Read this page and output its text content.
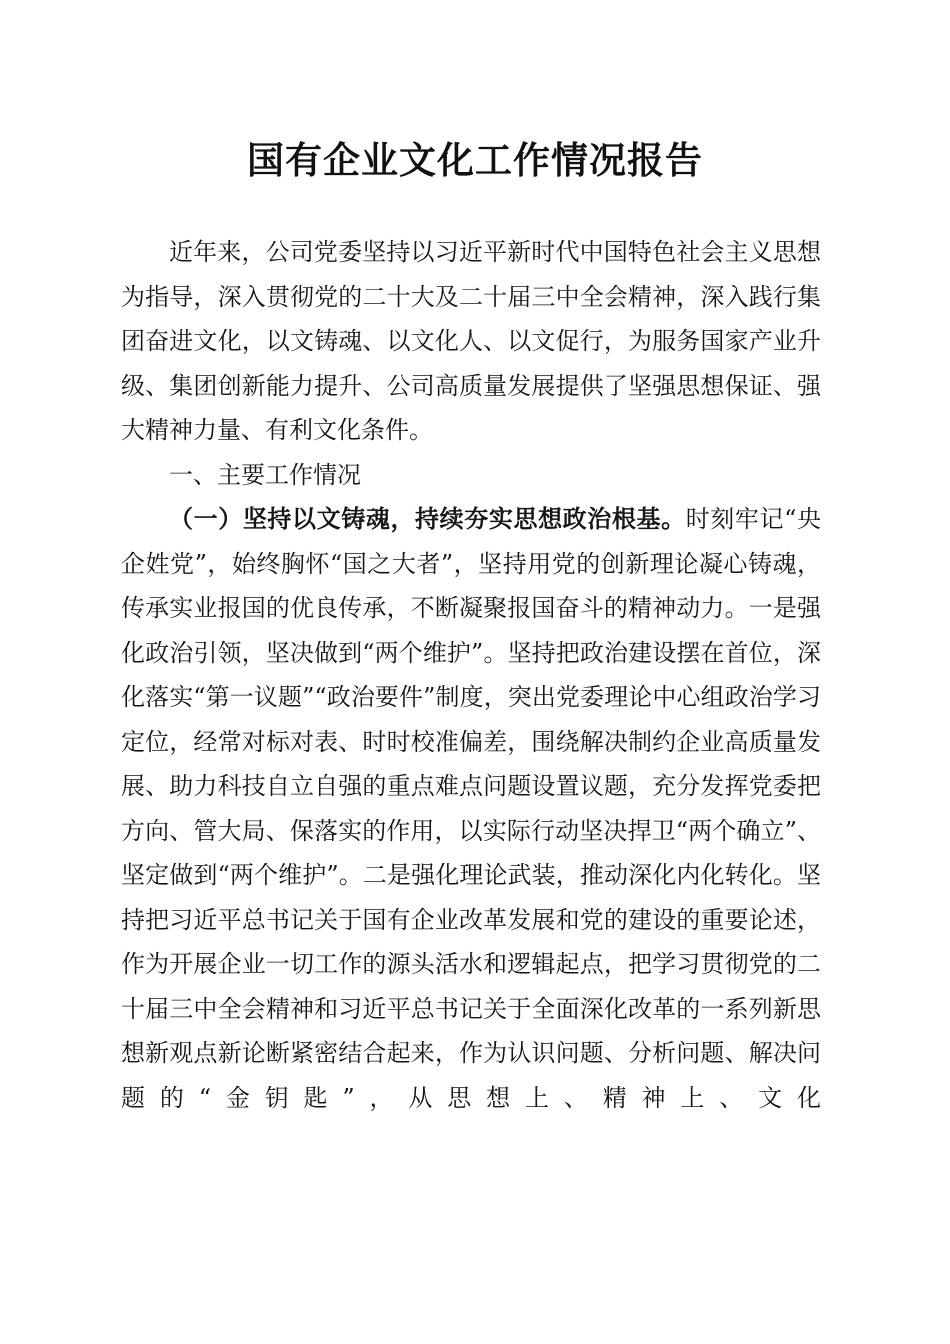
国有企业文化工作情况报告

近年来，公司党委坚持以习近平新时代中国特色社会主义思想为指导，深入贯彻党的二十大及二十届三中全会精神，深入践行集团奋进文化，以文铸魂、以文化人、以文促行，为服务国家产业升级、集团创新能力提升、公司高质量发展提供了坚强思想保证、强大精神力量、有利文化条件。

一、主要工作情况

（一）坚持以文铸魂，持续夯实思想政治根基。时刻牢记“央企姓党”，始终胸怀“国之大者”，坚持用党的创新理论凝心铸魂，传承实业报国的优良传承，不断凝聚报国奋斗的精神动力。一是强化政治引领，坚决做到“两个维护”。坚持把政治建设摆在首位，深化落实“第一议题”“政治要件”制度，突出党委理论中心组政治学习定位，经常对标对表、时时校准偏差，围绕解决制约企业高质量发展、助力科技自立自强的重点难点问题设置议题，充分发挥党委把方向、管大局、保落实的作用，以实际行动坚决捍卫“两个确立”、坚定做到“两个维护”。二是强化理论武装，推动深化内化转化。坚持把习近平总书记关于国有企业改革发展和党的建设的重要论述，作为开展企业一切工作的源头活水和逻辑起点，把学习贯彻党的二十届三中全会精神和习近平总书记关于全面深化改革的一系列新思想新观点新论断紧密结合起来，作为认识问题、分析问题、解决问题的“金钥匙”，从思想上、精神上、文化
